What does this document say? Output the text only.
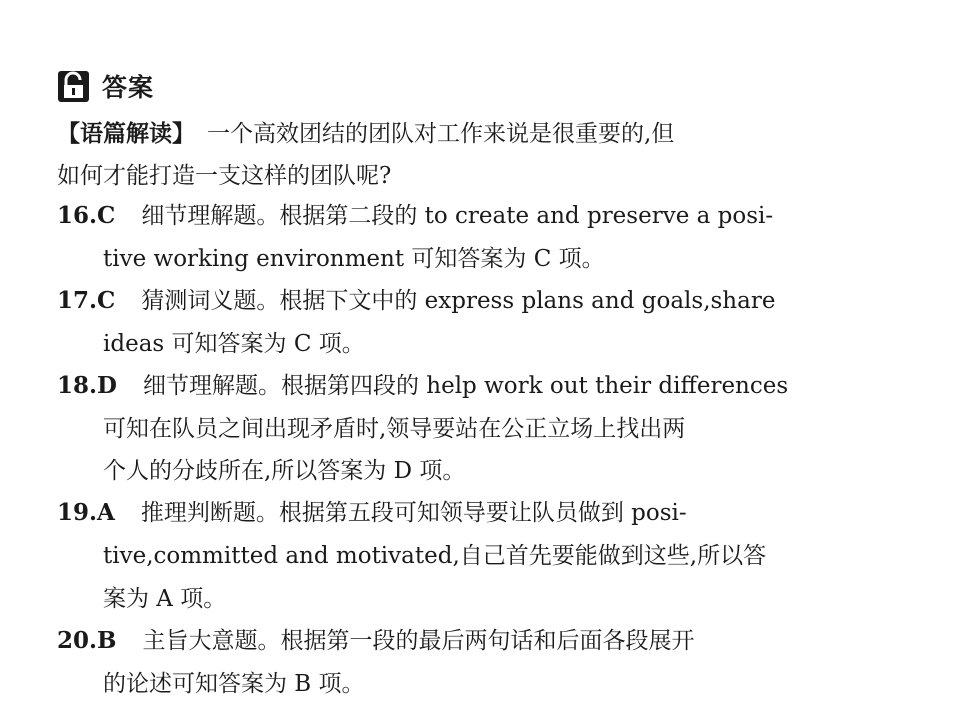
答案
【语篇解读】 一个高效团结的团队对工作来说是很重要的,但
如何才能打造一支这样的团队呢?
16.C 细节理解题。根据第二段的 to create and preserve a posi-
tive working environment 可知答案为 C 项。
17.C 猜测词义题。根据下文中的 express plans and goals,share
ideas 可知答案为 C 项。
18.D 细节理解题。根据第四段的 help work out their differences
可知在队员之间出现矛盾时,领导要站在公正立场上找出两
个人的分歧所在,所以答案为 D 项。
19.A 推理判断题。根据第五段可知领导要让队员做到 posi-
tive,committed and motivated,自己首先要能做到这些,所以答
案为 A 项。
20.B 主旨大意题。根据第一段的最后两句话和后面各段展开
的论述可知答案为 B 项。
